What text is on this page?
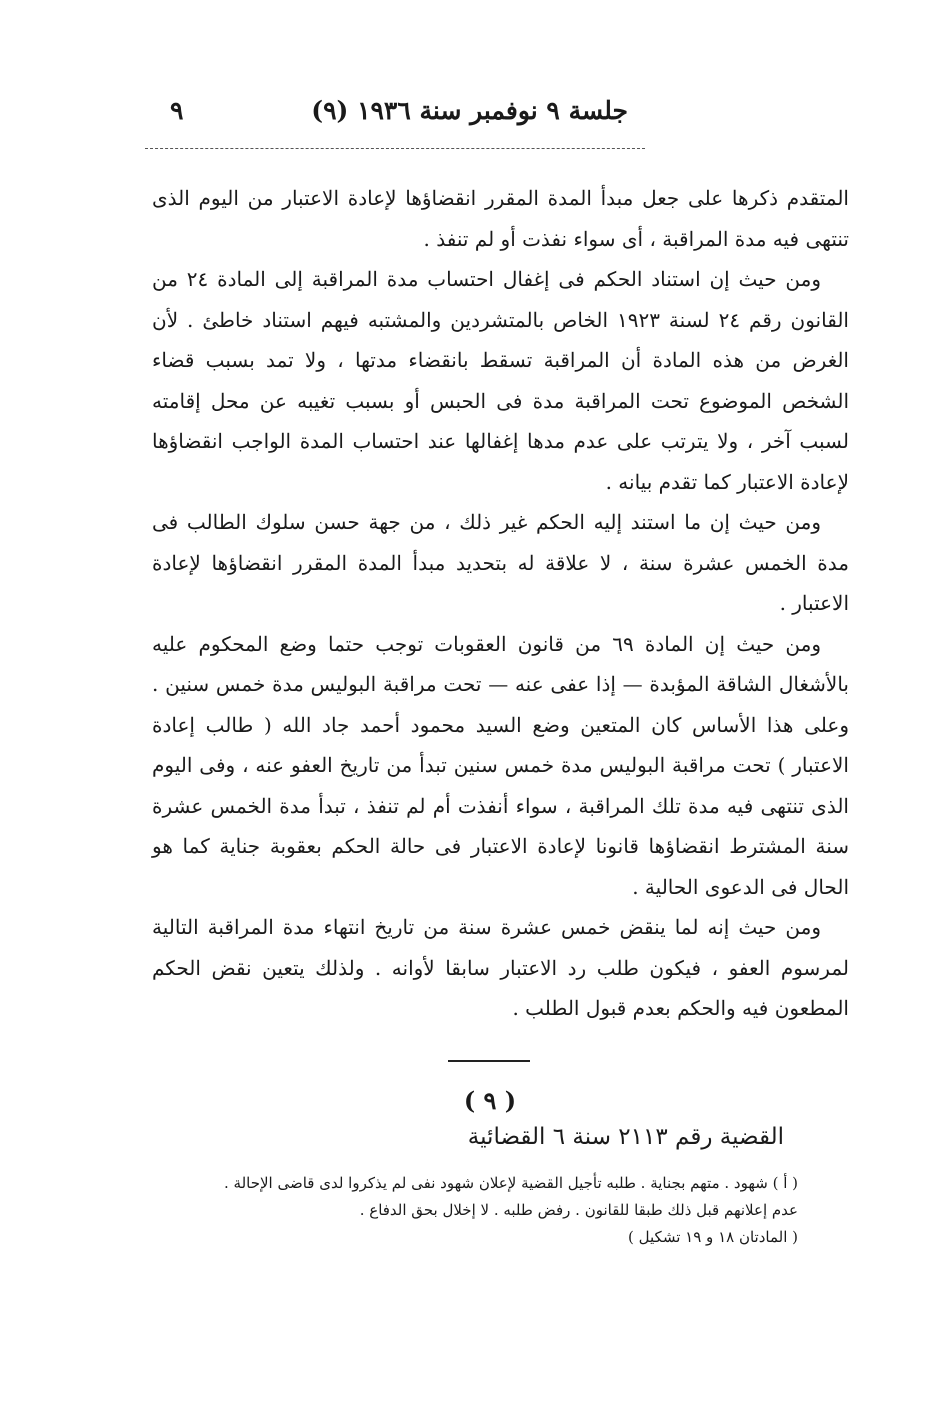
٩	جلسة ٩ نوفمبر سنة ١٩٣٦ (٩)

المتقدم ذكرها على جعل مبدأ المدة المقرر انقضاؤها لإعادة الاعتبار من اليوم الذى تنتهى فيه مدة المراقبة ، أى سواء نفذت أو لم تنفذ .

ومن حيث إن استناد الحكم فى إغفال احتساب مدة المراقبة إلى المادة ٢٤ من القانون رقم ٢٤ لسنة ١٩٢٣ الخاص بالمتشردين والمشتبه فيهم استناد خاطئ . لأن الغرض من هذه المادة أن المراقبة تسقط بانقضاء مدتها ، ولا تمد بسبب قضاء الشخص الموضوع تحت المراقبة مدة فى الحبس أو بسبب تغيبه عن محل إقامته لسبب آخر ، ولا يترتب على عدم مدها إغفالها عند احتساب المدة الواجب انقضاؤها لإعادة الاعتبار كما تقدم بيانه .

ومن حيث إن ما استند إليه الحكم غير ذلك ، من جهة حسن سلوك الطالب فى مدة الخمس عشرة سنة ، لا علاقة له بتحديد مبدأ المدة المقرر انقضاؤها لإعادة الاعتبار .

ومن حيث إن المادة ٦٩ من قانون العقوبات توجب حتما وضع المحكوم عليه بالأشغال الشاقة المؤبدة — إذا عفى عنه — تحت مراقبة البوليس مدة خمس سنين . وعلى هذا الأساس كان المتعين وضع السيد محمود أحمد جاد الله ( طالب إعادة الاعتبار ) تحت مراقبة البوليس مدة خمس سنين تبدأ من تاريخ العفو عنه ، وفى اليوم الذى تنتهى فيه مدة تلك المراقبة ، سواء أنفذت أم لم تنفذ ، تبدأ مدة الخمس عشرة سنة المشترط انقضاؤها قانونا لإعادة الاعتبار فى حالة الحكم بعقوبة جناية كما هو الحال فى الدعوى الحالية .

ومن حيث إنه لما ينقض خمس عشرة سنة من تاريخ انتهاء مدة المراقبة التالية لمرسوم العفو ، فيكون طلب رد الاعتبار سابقا لأوانه . ولذلك يتعين نقض الحكم المطعون فيه والحكم بعدم قبول الطلب .

( ٩ )
القضية رقم ٢١١٣ سنة ٦ القضائية
( أ ) شهود . متهم بجناية . طلبه تأجيل القضية لإعلان شهود نفى لم يذكروا لدى قاضى الإحالة .
عدم إعلانهم قبل ذلك طبقا للقانون . رفض طلبه . لا إخلال بحق الدفاع .
( المادتان ١٨ و ١٩ تشكيل )
